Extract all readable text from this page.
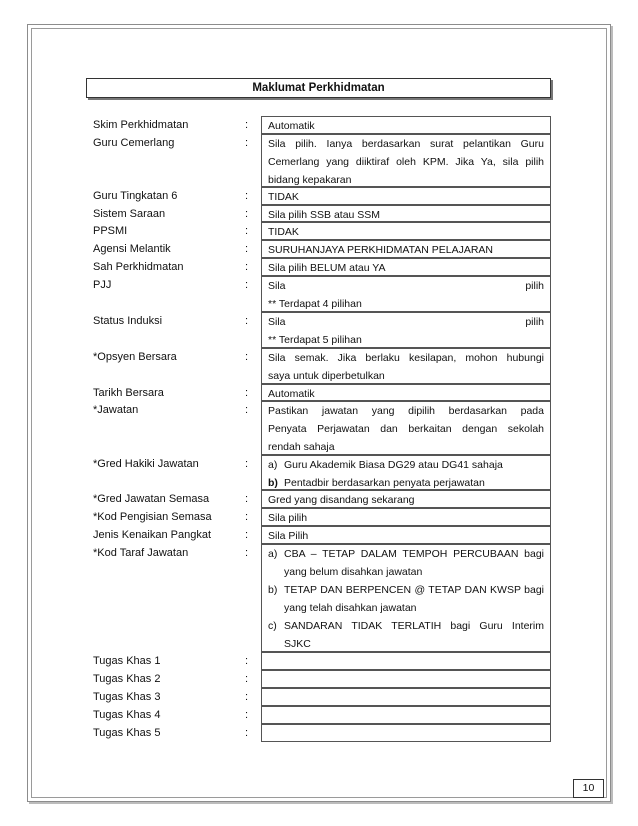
Maklumat Perkhidmatan
Skim Perkhidmatan	: Automatik
Guru Cemerlang	: Sila pilih. Ianya berdasarkan surat pelantikan Guru
Cemerlang yang diiktiraf oleh KPM. Jika Ya, sila pilih
bidang kepakaran
Guru Tingkatan 6	: TIDAK
Sistem Saraan	: Sila pilih SSB atau SSM
PPSMI	: TIDAK
Agensi Melantik	: SURUHANJAYA PERKHIDMATAN PELAJARAN
Sah Perkhidmatan	: Sila pilih BELUM atau YA
PJJ	: Sila pilih
** Terdapat 4 pilihan
Status Induksi	: Sila pilih
** Terdapat 5 pilihan
*Opsyen Bersara	: Sila semak. Jika berlaku kesilapan, mohon hubungi
saya untuk diperbetulkan
Tarikh Bersara	: Automatik
*Jawatan	: Pastikan jawatan yang dipilih berdasarkan pada
Penyata Perjawatan dan berkaitan dengan sekolah
rendah sahaja
*Gred Hakiki Jawatan	: a) Guru Akademik Biasa DG29 atau DG41 sahaja
b) Pentadbir berdasarkan penyata perjawatan
*Gred Jawatan Semasa	: Gred yang disandang sekarang
*Kod Pengisian Semasa	: Sila pilih
Jenis Kenaikan Pangkat	: Sila Pilih
*Kod Taraf Jawatan	: a) CBA – TETAP DALAM TEMPOH PERCUBAAN bagi
yang belum disahkan jawatan
b) TETAP DAN BERPENCEN @ TETAP DAN KWSP bagi
yang telah disahkan jawatan
c) SANDARAN TIDAK TERLATIH bagi Guru Interim
SJKC
Tugas Khas 1	:
Tugas Khas 2	:
Tugas Khas 3	:
Tugas Khas 4	:
Tugas Khas 5	:
10
